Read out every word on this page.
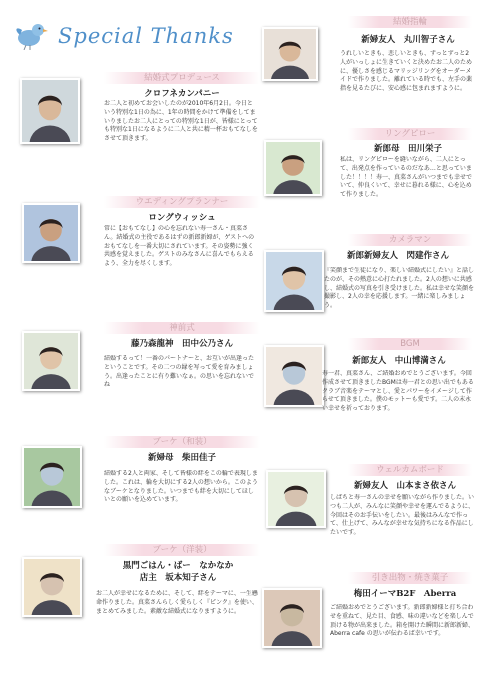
Special Thanks
結婚式プロデュース
クロフネカンパニー
お二人と初めてお会いしたのが2010年6月2日。今日という特別な1日の為に、1年の時間をかけて準備をしてまいりましたお二人にとっての特別な1日が、皆様にとっても特別な1日になるように二人と共に精一杯おもてなしをさせて頂きます。
ウエディングプランナー
ロングウィッシュ
常に【おもてなし】の心を忘れない寿一さん・真菜さん。結婚式の主役であるはずの新郎新婦が、ゲストへのおもてなしを一番大切にされています。その姿勢に強く共感を覚えました。ゲストのみなさんに喜んでもらえるよう、全力を尽くします。
神前式
藤乃森龍神　田中公乃さん
結婚するって！一番のパートナーと、お互いが出逢ったということです。その二つの縁を写って愛を育みましょう。出逢ったことに有り難いなぁ。の思いを忘れないでね
ブーケ（和装）
新婦母　柴田佳子
結婚する2人と両家、そして皆様の絆をこの輪で表現しました。これは、輪を大切にする2人の想いから。このようなブーケとなりました。いつまでも絆を大切にしてほしいとの願いを込めています。
ブーケ（洋装）
黒門ごはん・ばー　なかなか
店主　坂本知子さん
お二人が幸せになるために、そして、絆をテーマに、一生懸命作りました。真菜さんらしく愛らしく『ピンク』を使い、まとめてみました。素敵な結婚式になりますように。
結婚指輪
新婦友人　丸川智子さん
うれしいときも、悲しいときも、ずっとずっと2人がいっしょに生きていくと決めたお二人のために、優しさを感じるマリッジリングをオーダーメイドで作りました。離れている時でも、左手の薬指を見るたびに、安心感に包まれますように。
リングピロー
新郎母　田川栄子
私は、リングピローを縫いながら、二人にとって、出発点を作っているのだなあ…と思っていました！！！！寿一、真菜さんがいつまでも幸せでいて、仲良くいて、幸せに暮れる様に、心を込めて作りました。
カメラマン
新郎新婦友人　閃建作さん
『笑顔まで生徒になり、楽しい結婚式にしたい』と話したのが、その熱意に心打たれました。2人の想いに共感し、結婚式の写真を引き受けました。私は幸せな笑顔を撮影し、2人の幸を応援します。一緒に楽しみましょう。
BGM
新郎友人　中山博満さん
寿一君、真菜さん、ご結婚おめでとうございます。今回作成させて頂きましたBGMは寿一君との思い出でもあるクラブ音楽をテーマとし、愛とパワーをイメージして作らせて頂きました。僕のモットーも愛です。二人の末永い幸せを祈っております。
ウェルカムボード
新婦友人　山本まさ依さん
しばちと寿一さんの幸せを願いながら作りました。いつも二人が、みんなに笑顔や幸せを運んでるように、今回はそのお手伝いをしたい。最後はみんなで作って、仕上げて、みんなが幸せな気持ちになる作品にしたいです。
引き出物・焼き菓子
梅田イーマB2F　Aberra
ご結婚おめでとうございます。新郎新婦様と打ち合わせを重ねて、見た目、食感、味の違いなどを楽しんで頂ける物が出来ました。箱を開けた瞬間に新郎新婦、Aberra cafe の思いが伝わるば幸いです。
